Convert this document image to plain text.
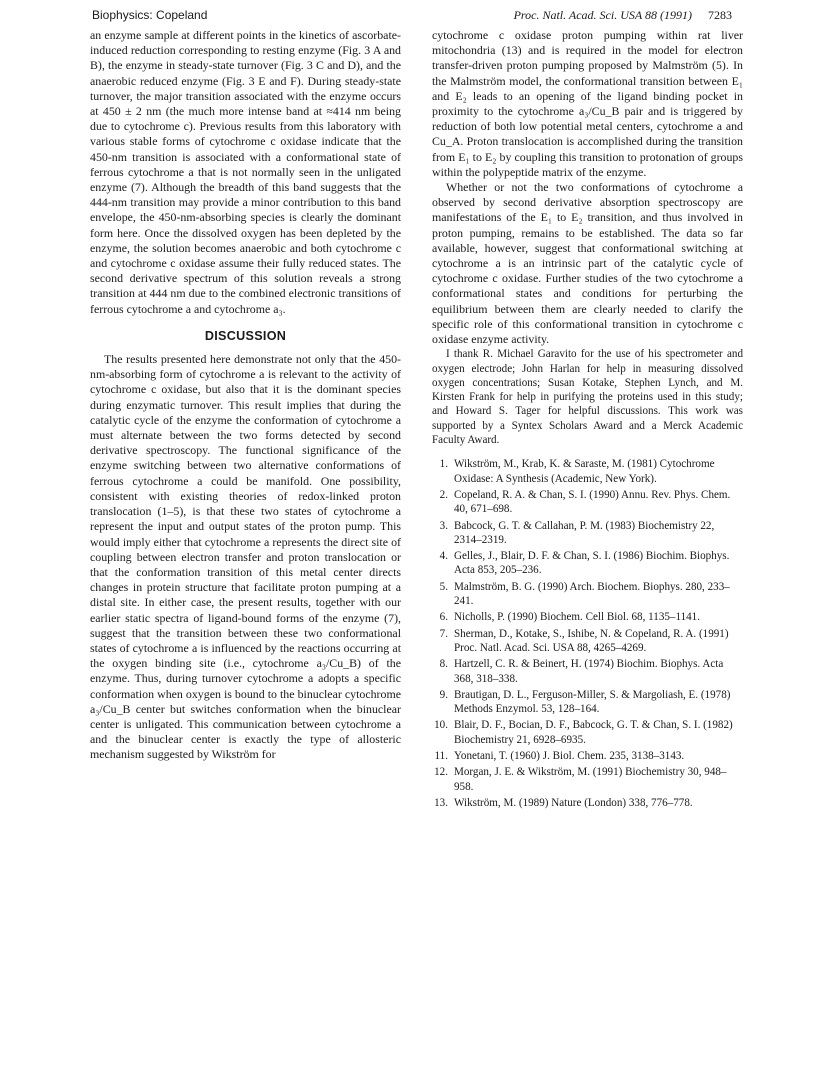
Biophysics: Copeland	Proc. Natl. Acad. Sci. USA 88 (1991) 7283

an enzyme sample at different points in the kinetics of ascorbate-induced reduction corresponding to resting enzyme (Fig. 3 A and B), the enzyme in steady-state turnover (Fig. 3 C and D), and the anaerobic reduced enzyme (Fig. 3 E and F). During steady-state turnover, the major transition associated with the enzyme occurs at 450 ± 2 nm (the much more intense band at ≈414 nm being due to cytochrome c). Previous results from this laboratory with various stable forms of cytochrome c oxidase indicate that the 450-nm transition is associated with a conformational state of ferrous cytochrome a that is not normally seen in the unligated enzyme (7). Although the breadth of this band suggests that the 444-nm transition may provide a minor contribution to this band envelope, the 450-nm-absorbing species is clearly the dominant form here. Once the dissolved oxygen has been depleted by the enzyme, the solution becomes anaerobic and both cytochrome c and cytochrome c oxidase assume their fully reduced states. The second derivative spectrum of this solution reveals a strong transition at 444 nm due to the combined electronic transitions of ferrous cytochrome a and cytochrome a₃.

DISCUSSION

The results presented here demonstrate not only that the 450-nm-absorbing form of cytochrome a is relevant to the activity of cytochrome c oxidase, but also that it is the dominant species during enzymatic turnover. This result implies that during the catalytic cycle of the enzyme the conformation of cytochrome a must alternate between the two forms detected by second derivative spectroscopy. The functional significance of the enzyme switching between two alternative conformations of ferrous cytochrome a could be manifold. One possibility, consistent with existing theories of redox-linked proton translocation (1–5), is that these two states of cytochrome a represent the input and output states of the proton pump. This would imply either that cytochrome a represents the direct site of coupling between electron transfer and proton translocation or that the conformation transition of this metal center directs changes in protein structure that facilitate proton pumping at a distal site. In either case, the present results, together with our earlier static spectra of ligand-bound forms of the enzyme (7), suggest that the transition between these two conformational states of cytochrome a is influenced by the reactions occurring at the oxygen binding site (i.e., cytochrome a₃/Cu_B) of the enzyme. Thus, during turnover cytochrome a adopts a specific conformation when oxygen is bound to the binuclear cytochrome a₃/Cu_B center but switches conformation when the binuclear center is unligated. This communication between cytochrome a and the binuclear center is exactly the type of allosteric mechanism suggested by Wikström for

cytochrome c oxidase proton pumping within rat liver mitochondria (13) and is required in the model for electron transfer-driven proton pumping proposed by Malmström (5). In the Malmström model, the conformational transition between E₁ and E₂ leads to an opening of the ligand binding pocket in proximity to the cytochrome a₃/Cu_B pair and is triggered by reduction of both low potential metal centers, cytochrome a and Cu_A. Proton translocation is accomplished during the transition from E₁ to E₂ by coupling this transition to protonation of groups within the polypeptide matrix of the enzyme.

Whether or not the two conformations of cytochrome a observed by second derivative absorption spectroscopy are manifestations of the E₁ to E₂ transition, and thus involved in proton pumping, remains to be established. The data so far available, however, suggest that conformational switching at cytochrome a is an intrinsic part of the catalytic cycle of cytochrome c oxidase. Further studies of the two cytochrome a conformational states and conditions for perturbing the equilibrium between them are clearly needed to clarify the specific role of this conformational transition in cytochrome c oxidase enzyme activity.

I thank R. Michael Garavito for the use of his spectrometer and oxygen electrode; John Harlan for help in measuring dissolved oxygen concentrations; Susan Kotake, Stephen Lynch, and M. Kirsten Frank for help in purifying the proteins used in this study; and Howard S. Tager for helpful discussions. This work was supported by a Syntex Scholars Award and a Merck Academic Faculty Award.

1. Wikström, M., Krab, K. & Saraste, M. (1981) Cytochrome Oxidase: A Synthesis (Academic, New York).
2. Copeland, R. A. & Chan, S. I. (1990) Annu. Rev. Phys. Chem. 40, 671–698.
3. Babcock, G. T. & Callahan, P. M. (1983) Biochemistry 22, 2314–2319.
4. Gelles, J., Blair, D. F. & Chan, S. I. (1986) Biochim. Biophys. Acta 853, 205–236.
5. Malmström, B. G. (1990) Arch. Biochem. Biophys. 280, 233–241.
6. Nicholls, P. (1990) Biochem. Cell Biol. 68, 1135–1141.
7. Sherman, D., Kotake, S., Ishibe, N. & Copeland, R. A. (1991) Proc. Natl. Acad. Sci. USA 88, 4265–4269.
8. Hartzell, C. R. & Beinert, H. (1974) Biochim. Biophys. Acta 368, 318–338.
9. Brautigan, D. L., Ferguson-Miller, S. & Margoliash, E. (1978) Methods Enzymol. 53, 128–164.
10. Blair, D. F., Bocian, D. F., Babcock, G. T. & Chan, S. I. (1982) Biochemistry 21, 6928–6935.
11. Yonetani, T. (1960) J. Biol. Chem. 235, 3138–3143.
12. Morgan, J. E. & Wikström, M. (1991) Biochemistry 30, 948–958.
13. Wikström, M. (1989) Nature (London) 338, 776–778.
